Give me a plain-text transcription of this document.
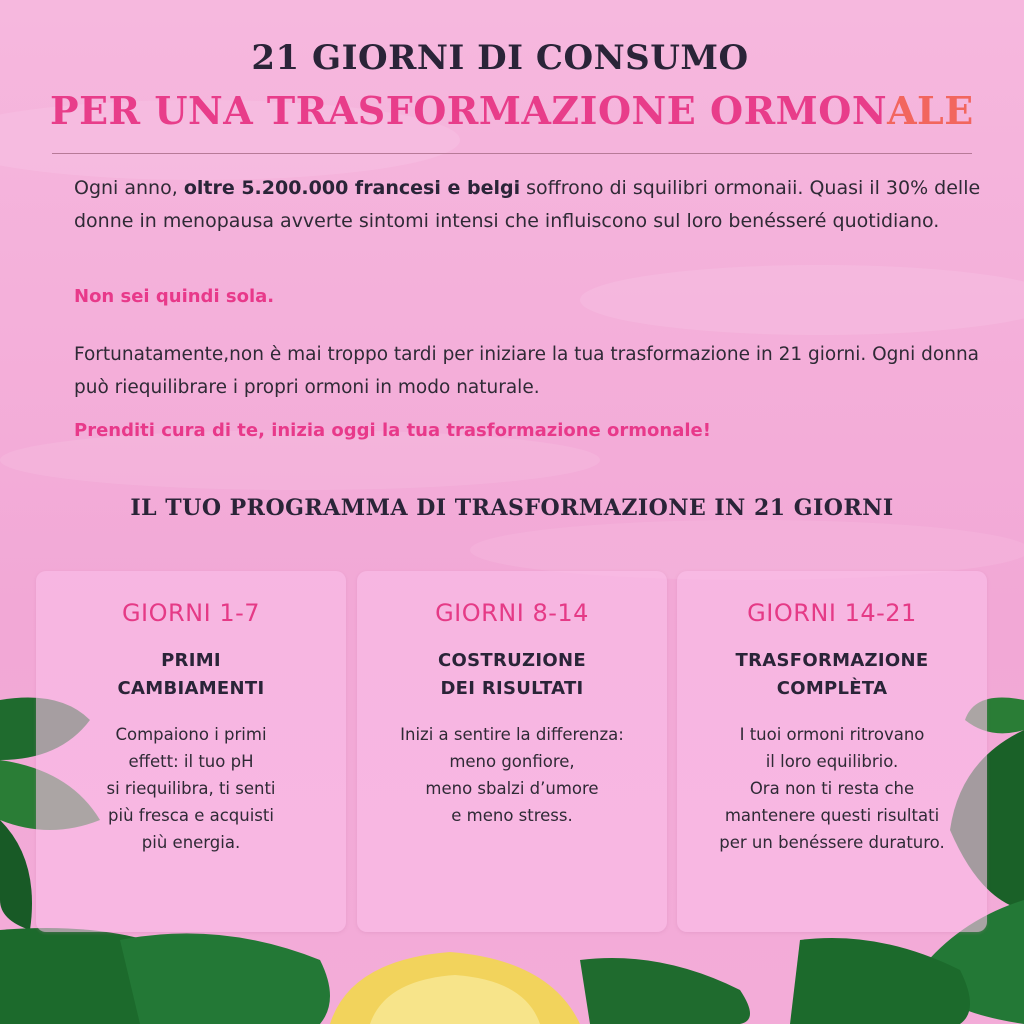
21 GIORNI DI CONSUMO
PER UNA TRASFORMAZIONE ORMONALE
Ogni anno, oltre 5.200.000 francesi e belgi soffrono di squilibri ormonaii. Quasi il 30% delle donne in menopausa avverte sintomi intensi che influiscono sul loro benésseré quotidiano.
Non sei quindi sola.
Fortunatamente,non è mai troppo tardi per iniziare la tua trasformazione in 21 giorni. Ogni donna può riequilibrare i propri ormoni in modo naturale.
Prenditi cura di te, inizia oggi la tua trasformazione ormonale!
IL TUO PROGRAMMA DI TRASFORMAZIONE IN 21 GIORNI
GIORNI 1-7
PRIMI
CAMBIAMENTI
Compaiono i primi
effett: il tuo pH
si riequilibra, ti senti
più fresca e acquisti
più energia.
GIORNI 8-14
COSTRUZIONE
DEI RISULTATI
Inizi a sentire la differenza:
meno gonfiore,
meno sbalzi d’umore
e meno stress.
GIORNI 14-21
TRASFORMAZIONE
COMPLÈTA
I tuoi ormoni ritrovano
il loro equilibrio.
Ora non ti resta che
mantenere questi risultati
per un benéssere duraturo.
